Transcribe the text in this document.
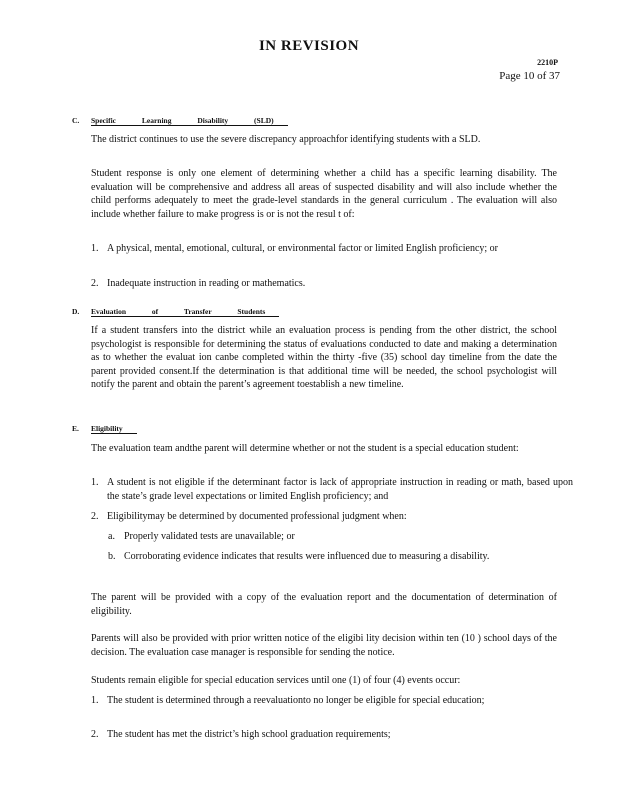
IN REVISION
2210P
Page 10 of 37
C. Specific Learning Disability (SLD)
The district continues to use the severe discrepancy approachfor identifying students with a SLD.
Student response is only one element of determining whether a child has a specific learning disability. The evaluation will be comprehensive and address all areas of suspected disability and will also include whether the child performs adequately to meet the grade-level standards in the general curriculum . The evaluation will also include whether failure to make progress is or is not the resul t of:
1. A physical, mental, emotional, cultural, or environmental factor or limited English proficiency; or
2. Inadequate instruction in reading or mathematics.
D. Evaluation of Transfer Students
If a student transfers into the district while an evaluation process is pending from the other district, the school psychologist is responsible for determining the status of evaluations conducted to date and making a determination as to whether the evaluat ion canbe completed within the thirty -five (35) school day timeline from the date the parent provided consent.If the determination is that additional time will be needed, the school psychologist will notify the parent and obtain the parent’s agreement toestablish a new timeline.
E. Eligibility
The evaluation team andthe parent will determine whether or not the student is a special education student:
1. A student is not eligible if the determinant factor is lack of appropriate instruction in reading or math, based upon the state’s grade level expectations or limited English proficiency; and
2. Eligibilitymay be determined by documented professional judgment when:
a. Properly validated tests are unavailable; or
b. Corroborating evidence indicates that results were influenced due to measuring a disability.
The parent will be provided with a copy of the evaluation report and the documentation of determination of eligibility.
Parents will also be provided with prior written notice of the eligibi lity decision within ten (10 ) school days of the decision. The evaluation case manager is responsible for sending the notice.
Students remain eligible for special education services until one (1) of four (4) events occur:
1. The student is determined through a reevaluationto no longer be eligible for special education;
2. The student has met the district’s high school graduation requirements;
